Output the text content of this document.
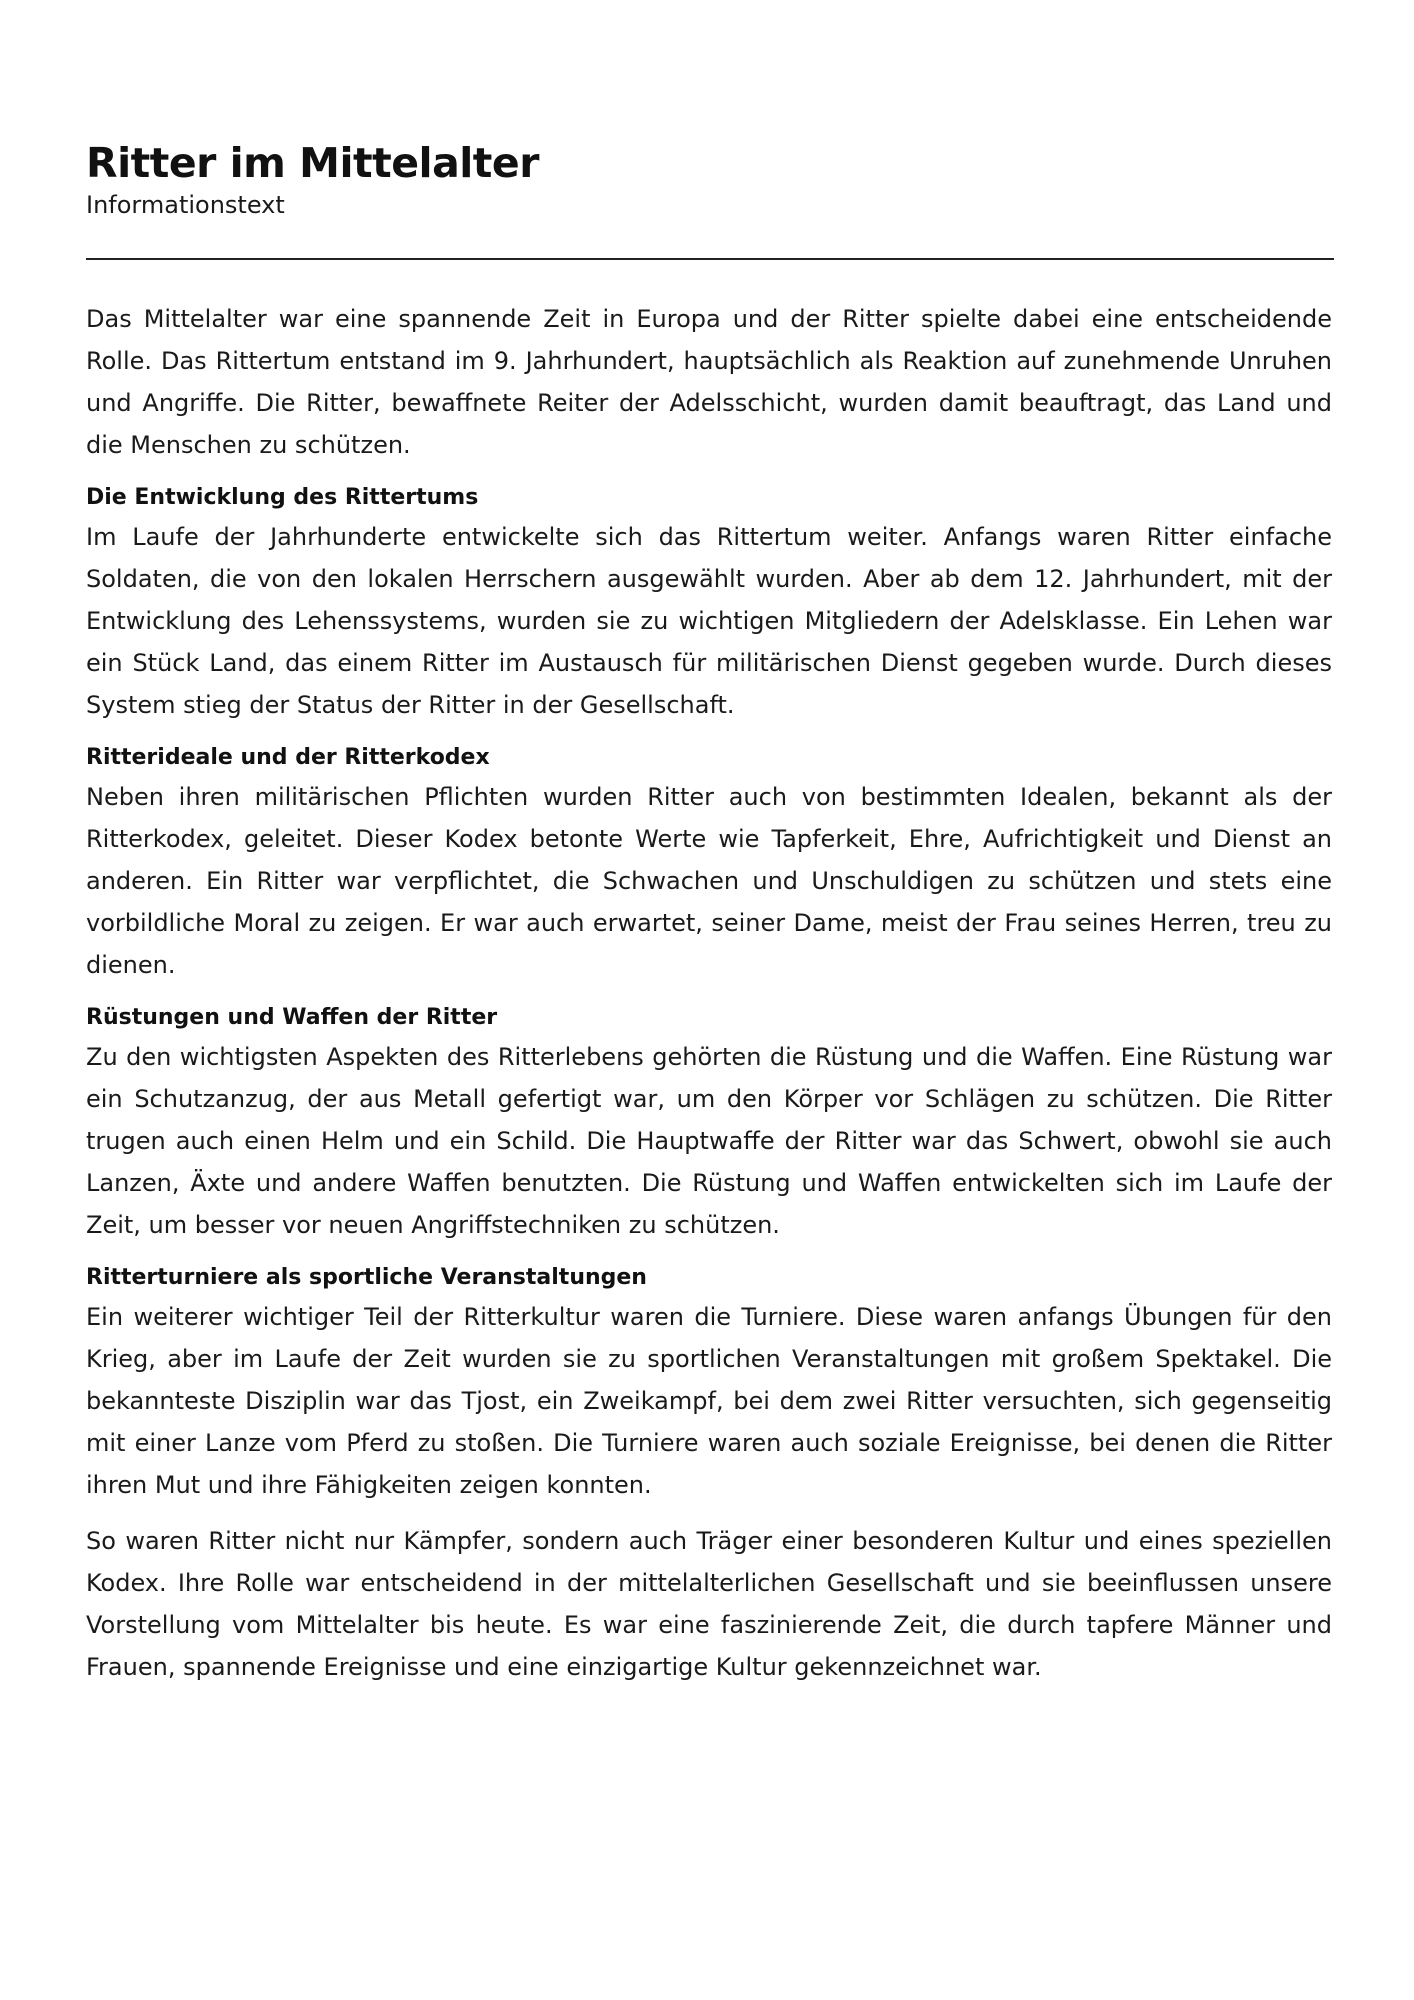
Ritter im Mittelalter
Informationstext

Das Mittelalter war eine spannende Zeit in Europa und der Ritter spielte dabei eine entscheidende Rolle. Das Rittertum entstand im 9. Jahrhundert, hauptsächlich als Reaktion auf zunehmende Unruhen und Angriffe. Die Ritter, bewaffnete Reiter der Adelsschicht, wurden damit beauftragt, das Land und die Menschen zu schützen.

Die Entwicklung des Rittertums

Im Laufe der Jahrhunderte entwickelte sich das Rittertum weiter. Anfangs waren Ritter einfache Soldaten, die von den lokalen Herrschern ausgewählt wurden. Aber ab dem 12. Jahrhundert, mit der Entwicklung des Lehenssystems, wurden sie zu wichtigen Mitgliedern der Adelsklasse. Ein Lehen war ein Stück Land, das einem Ritter im Austausch für militärischen Dienst gegeben wurde. Durch dieses System stieg der Status der Ritter in der Gesellschaft.

Ritterideale und der Ritterkodex

Neben ihren militärischen Pflichten wurden Ritter auch von bestimmten Idealen, bekannt als der Ritterkodex, geleitet. Dieser Kodex betonte Werte wie Tapferkeit, Ehre, Aufrichtigkeit und Dienst an anderen. Ein Ritter war verpflichtet, die Schwachen und Unschuldigen zu schützen und stets eine vorbildliche Moral zu zeigen. Er war auch erwartet, seiner Dame, meist der Frau seines Herren, treu zu dienen.

Rüstungen und Waffen der Ritter

Zu den wichtigsten Aspekten des Ritterlebens gehörten die Rüstung und die Waffen. Eine Rüstung war ein Schutzanzug, der aus Metall gefertigt war, um den Körper vor Schlägen zu schützen. Die Ritter trugen auch einen Helm und ein Schild. Die Hauptwaffe der Ritter war das Schwert, obwohl sie auch Lanzen, Äxte und andere Waffen benutzten. Die Rüstung und Waffen entwickelten sich im Laufe der Zeit, um besser vor neuen Angriffstechniken zu schützen.

Ritterturniere als sportliche Veranstaltungen

Ein weiterer wichtiger Teil der Ritterkultur waren die Turniere. Diese waren anfangs Übungen für den Krieg, aber im Laufe der Zeit wurden sie zu sportlichen Veranstaltungen mit großem Spektakel. Die bekannteste Disziplin war das Tjost, ein Zweikampf, bei dem zwei Ritter versuchten, sich gegenseitig mit einer Lanze vom Pferd zu stoßen. Die Turniere waren auch soziale Ereignisse, bei denen die Ritter ihren Mut und ihre Fähigkeiten zeigen konnten.

So waren Ritter nicht nur Kämpfer, sondern auch Träger einer besonderen Kultur und eines speziellen Kodex. Ihre Rolle war entscheidend in der mittelalterlichen Gesellschaft und sie beeinflussen unsere Vorstellung vom Mittelalter bis heute. Es war eine faszinierende Zeit, die durch tapfere Männer und Frauen, spannende Ereignisse und eine einzigartige Kultur gekennzeichnet war.
